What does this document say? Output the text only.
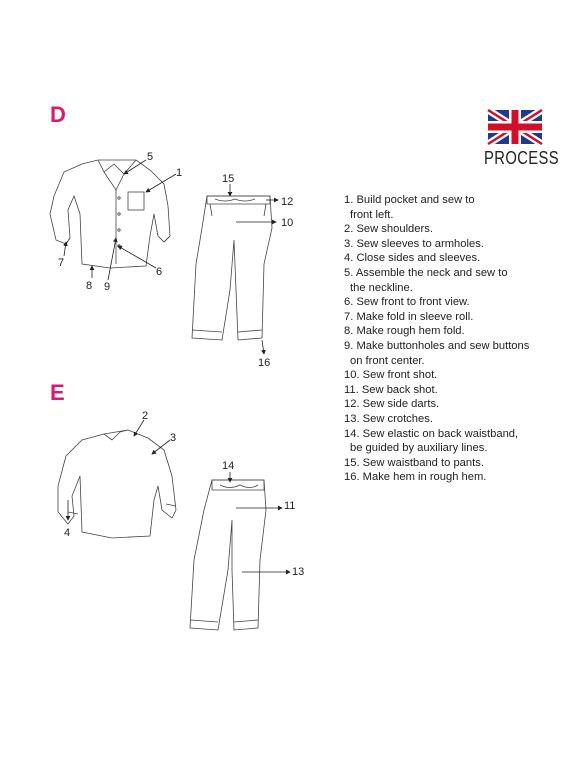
5
1
7
8 9
6
15
12
10
16
2
3
4
14
11
13
D
E
PROCESS
1. Build pocket and sew to
front left.
2. Sew shoulders.
3. Sew sleeves to armholes.
4. Close sides and sleeves.
5. Assemble the neck and sew to
the neckline.
6. Sew front to front view.
7. Make fold in sleeve roll.
8. Make rough hem fold.
9. Make buttonholes and sew buttons
on front center.
10. Sew front shot.
11. Sew back shot.
12. Sew side darts.
13. Sew crotches.
14. Sew elastic on back waistband,
be guided by auxiliary lines.
15. Sew waistband to pants.
16. Make hem in rough hem.
